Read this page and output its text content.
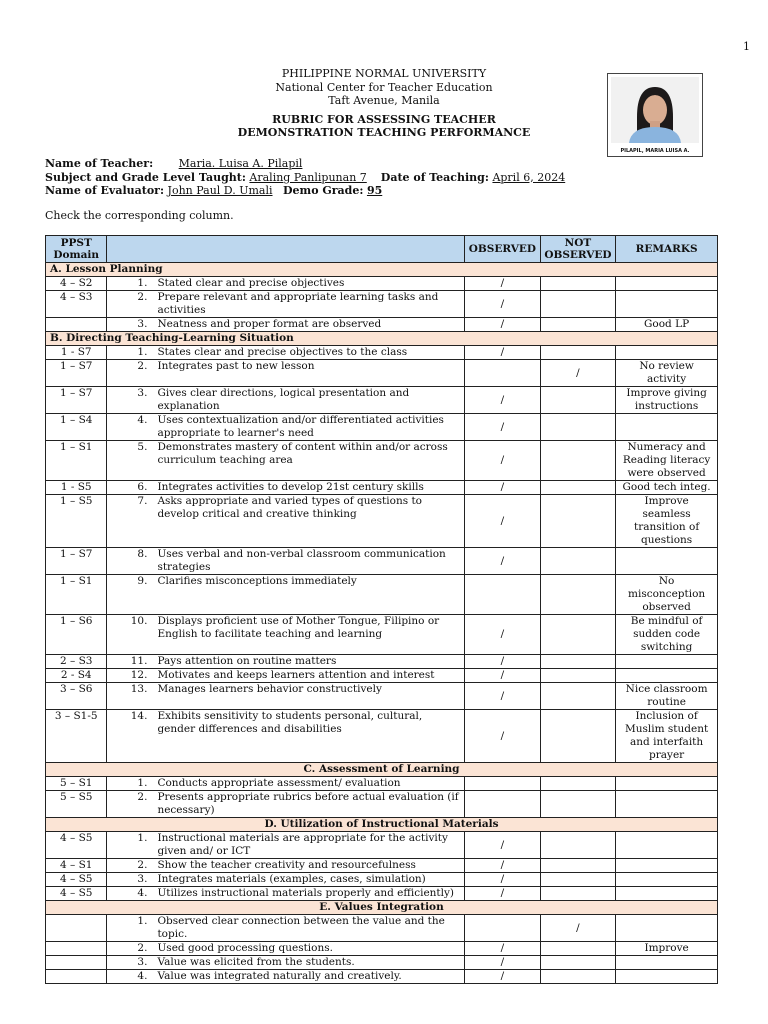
1
PHILIPPINE NORMAL UNIVERSITY
National Center for Teacher Education
Taft Avenue, Manila
RUBRIC FOR ASSESSING TEACHER
DEMONSTRATION TEACHING PERFORMANCE
PILAPIL, MARIA LUISA A.
Name of Teacher: Maria. Luisa A. Pilapil
Subject and Grade Level Taught: Araling Panlipunan 7 Date of Teaching: April 6, 2024
Name of Evaluator: John Paul D. Umali Demo Grade: 95
Check the corresponding column.
PPST Domain		OBSERVED	NOT OBSERVED	REMARKS
A. Lesson Planning				
4 – S2	1. Stated clear and precise objectives	/		
4 – S3	2. Prepare relevant and appropriate learning tasks and activities	/		

	3. Neatness and proper format are observed	/		Good LP
B. Directing Teaching-Learning Situation				
1 - S7	1. States clear and precise objectives to the class	/		
1 – S7	2. Integrates past to new lesson		/	No review activity
1 – S7	3. Gives clear directions, logical presentation and explanation	/		Improve giving instructions
1 – S4	4. Uses contextualization and/or differentiated activities appropriate to learner's need	/		
1 – S1	5. Demonstrates mastery of content within and/or across curriculum teaching area	/		Numeracy and Reading literacy were observed
1 - S5	6. Integrates activities to develop 21st century skills	/		Good tech integ.
1 – S5	7. Asks appropriate and varied types of questions to develop critical and creative thinking	/		Improve seamless transition of questions
1 – S7	8. Uses verbal and non-verbal classroom communication strategies	/		
1 – S1	9. Clarifies misconceptions immediately			No misconception observed
1 – S6	10. Displays proficient use of Mother Tongue, Filipino or English to facilitate teaching and learning	/		Be mindful of sudden code switching
2 – S3	11. Pays attention on routine matters	/		
2 - S4	12. Motivates and keeps learners attention and interest	/		
3 – S6	13. Manages learners behavior constructively	/		Nice classroom routine
3 – S1-5	14. Exhibits sensitivity to students personal, cultural, gender differences and disabilities	/		Inclusion of Muslim student and interfaith prayer
C. Assessment of Learning				
5 – S1	1. Conducts appropriate assessment/ evaluation			

5 – S5	2. Presents appropriate rubrics before actual evaluation (if necessary)			

D. Utilization of Instructional Materials				
4 – S5	1. Instructional materials are appropriate for the activity given and/ or ICT	/		
4 – S1	2. Show the teacher creativity and resourcefulness	/		
4 – S5	3. Integrates materials (examples, cases, simulation)	/		
4 – S5	4. Utilizes instructional materials properly and efficiently)	/		
E. Values Integration				

	1. Observed clear connection between the value and the topic.		/	

	2. Used good processing questions.	/		Improve

	3. Value was elicited from the students.	/		

	4. Value was integrated naturally and creatively.	/		
